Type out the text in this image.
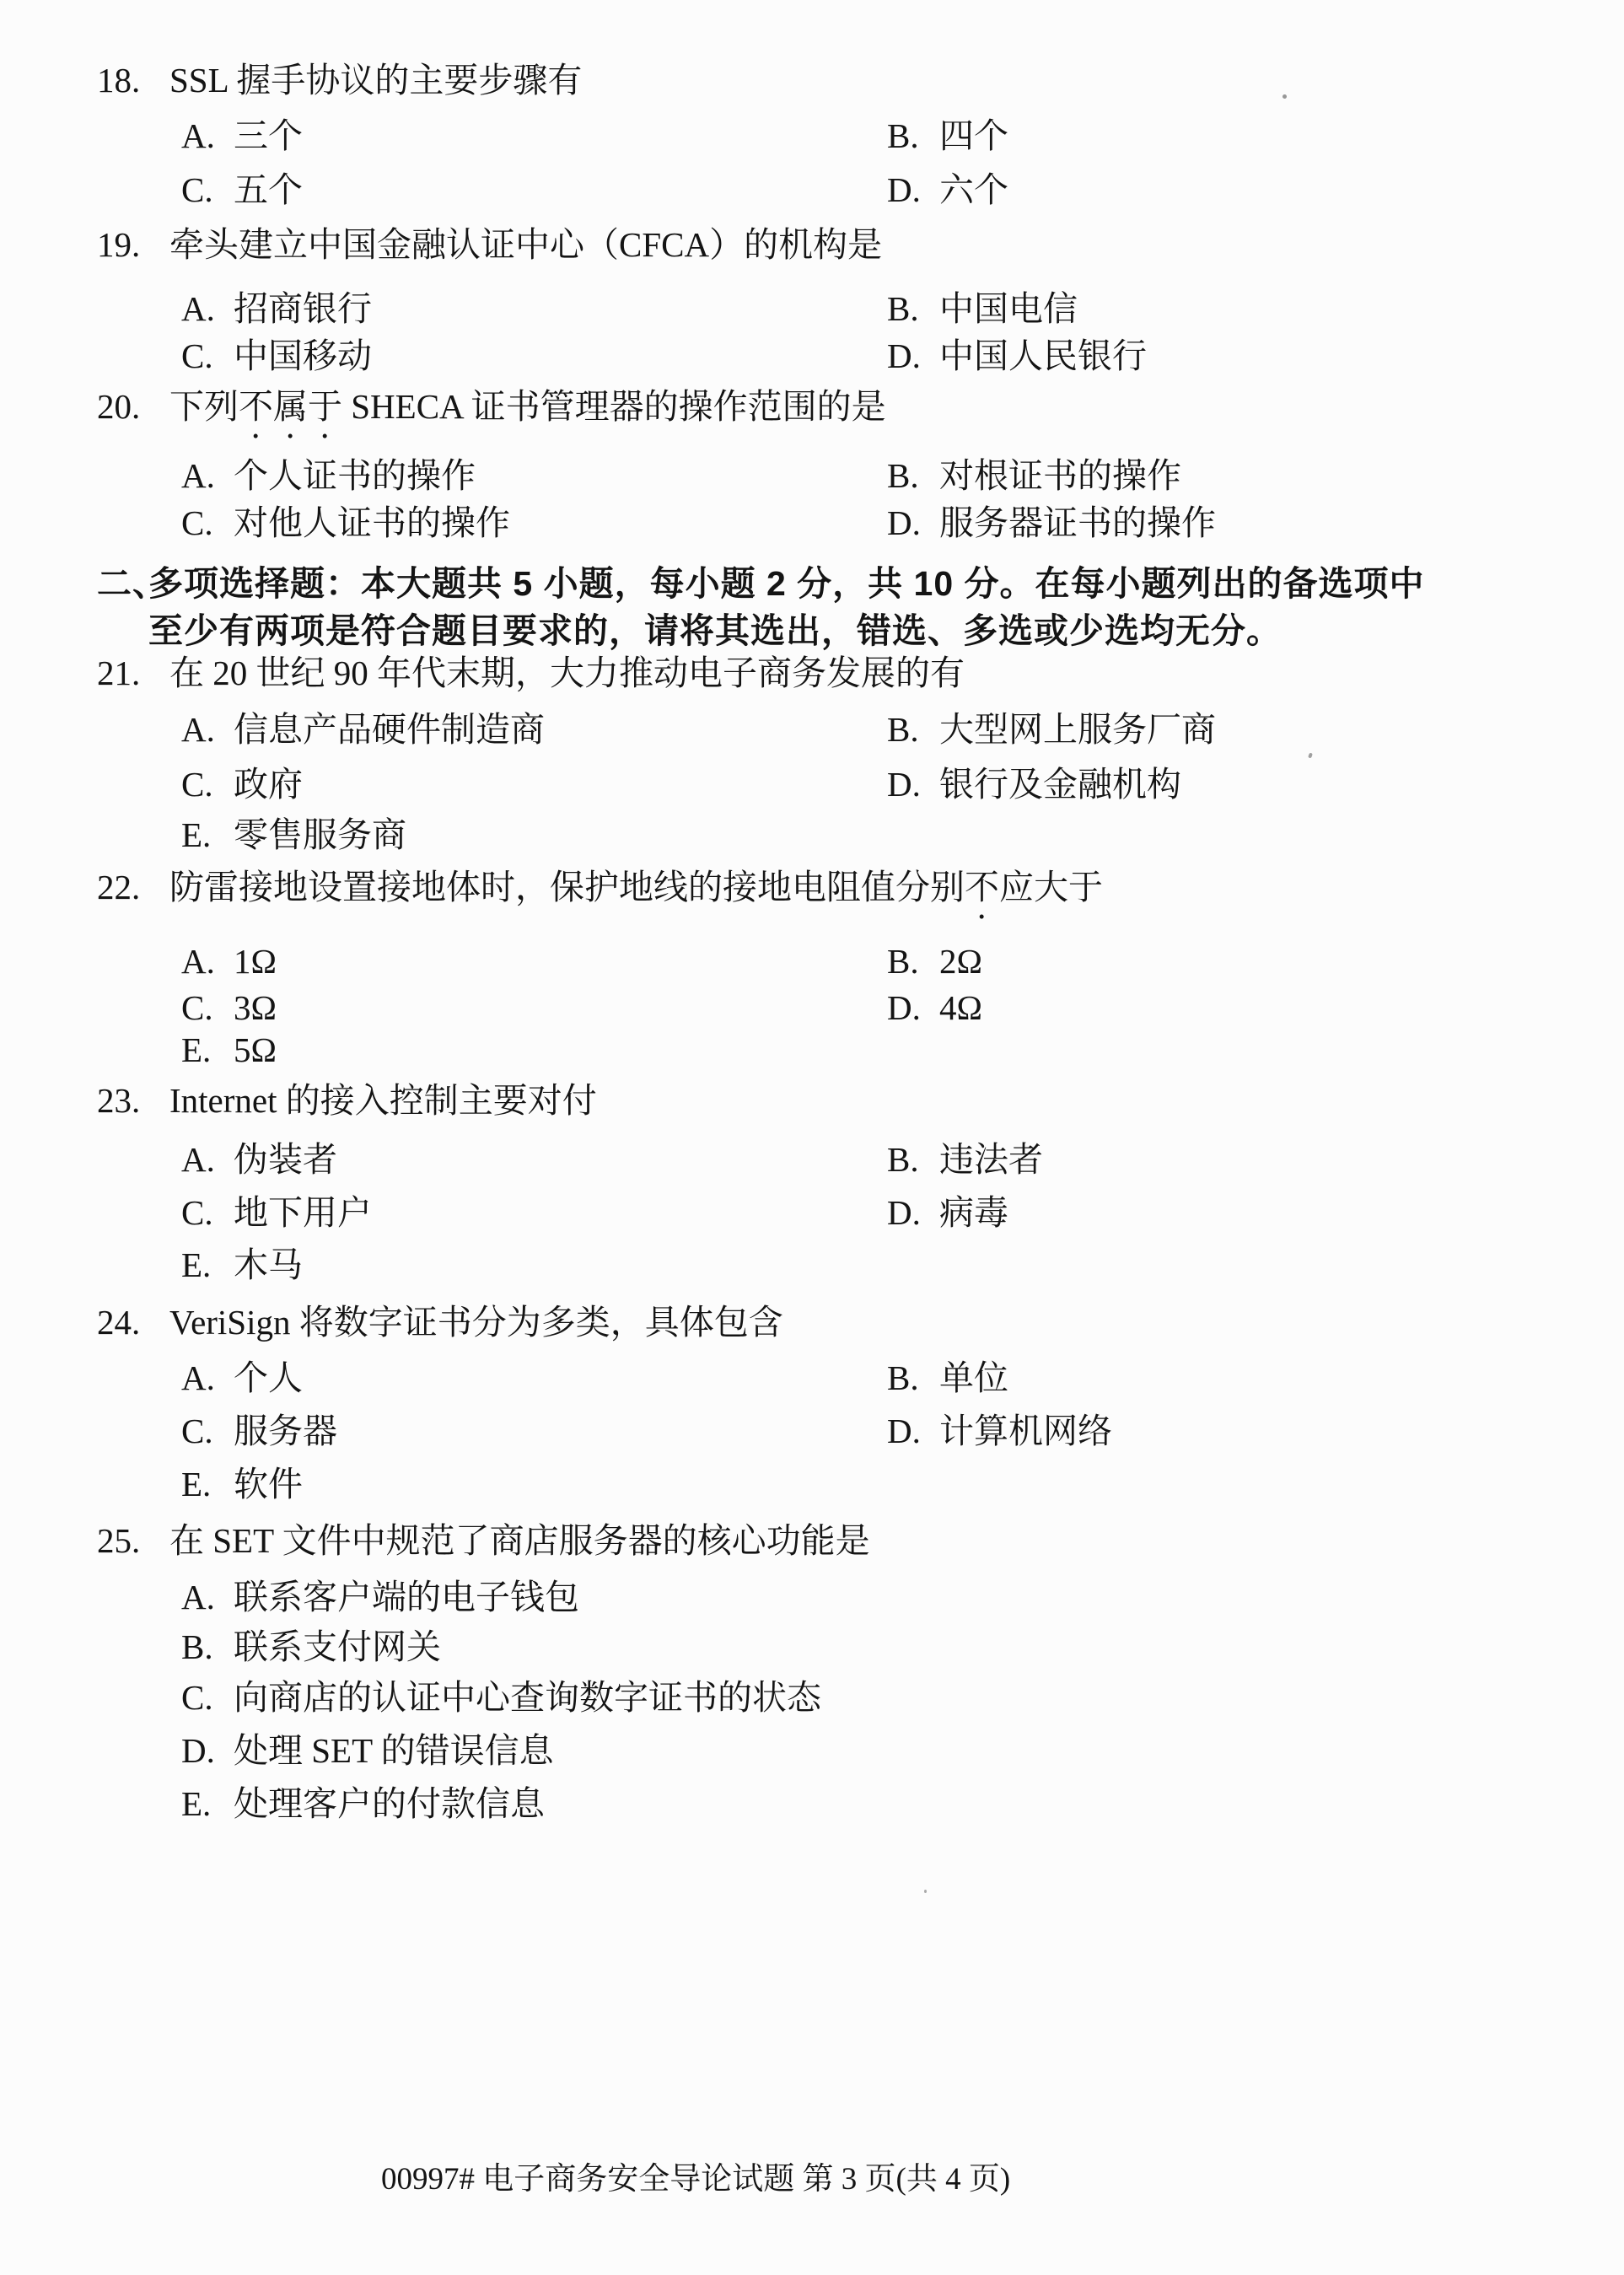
18. SSL 握手协议的主要步骤有
A. 三个	B. 四个
C. 五个	D. 六个
19. 牵头建立中国金融认证中心（CFCA）的机构是
A. 招商银行	B. 中国电信
C. 中国移动	D. 中国人民银行
20. 下列不属于 SHECA 证书管理器的操作范围的是
A. 个人证书的操作	B. 对根证书的操作
C. 对他人证书的操作	D. 服务器证书的操作
二、
多项选择题：本大题共 5 小题，每小题 2 分，共 10 分。在每小题列出的备选项中
至少有两项是符合题目要求的，请将其选出，错选、多选或少选均无分。
21. 在 20 世纪 90 年代末期，大力推动电子商务发展的有
A. 信息产品硬件制造商	B. 大型网上服务厂商
C. 政府	D. 银行及金融机构
E. 零售服务商
22. 防雷接地设置接地体时，保护地线的接地电阻值分别不应大于
A. 1Ω	B. 2Ω
C. 3Ω	D. 4Ω
E. 5Ω
23. Internet 的接入控制主要对付
A. 伪装者	B. 违法者
C. 地下用户	D. 病毒
E. 木马
24. VeriSign 将数字证书分为多类，具体包含
A. 个人	B. 单位
C. 服务器	D. 计算机网络
E. 软件
25. 在 SET 文件中规范了商店服务器的核心功能是
A. 联系客户端的电子钱包
B. 联系支付网关
C. 向商店的认证中心查询数字证书的状态
D. 处理 SET 的错误信息
E. 处理客户的付款信息
00997# 电子商务安全导论试题 第 3 页(共 4 页)
